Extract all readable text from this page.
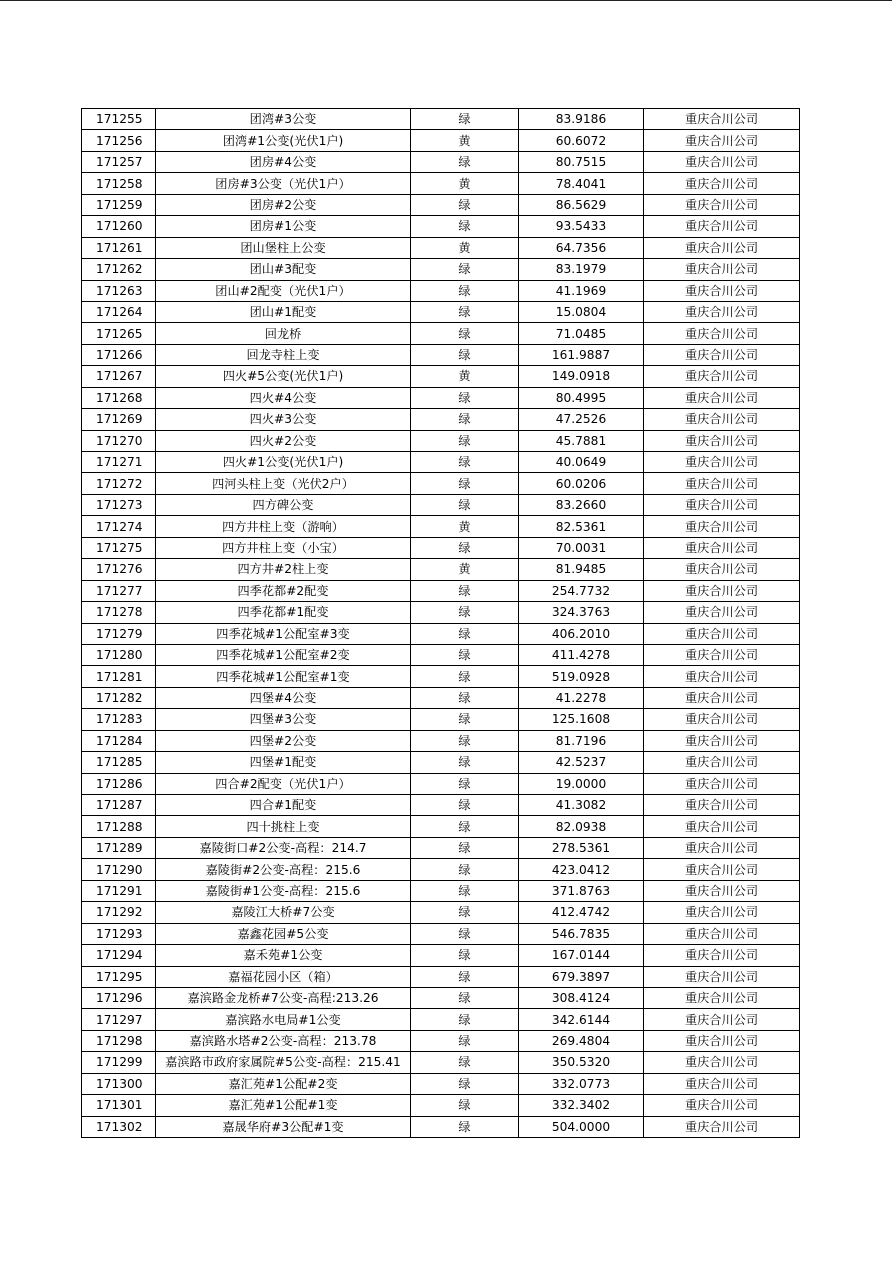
171255	团湾#3公变	绿	83.9186	重庆合川公司
171256	团湾#1公变(光伏1户)	黄	60.6072	重庆合川公司
171257	团房#4公变	绿	80.7515	重庆合川公司
171258	团房#3公变（光伏1户）	黄	78.4041	重庆合川公司
171259	团房#2公变	绿	86.5629	重庆合川公司
171260	团房#1公变	绿	93.5433	重庆合川公司
171261	团山堡柱上公变	黄	64.7356	重庆合川公司
171262	团山#3配变	绿	83.1979	重庆合川公司
171263	团山#2配变（光伏1户）	绿	41.1969	重庆合川公司
171264	团山#1配变	绿	15.0804	重庆合川公司
171265	回龙桥	绿	71.0485	重庆合川公司
171266	回龙寺柱上变	绿	161.9887	重庆合川公司
171267	四火#5公变(光伏1户)	黄	149.0918	重庆合川公司
171268	四火#4公变	绿	80.4995	重庆合川公司
171269	四火#3公变	绿	47.2526	重庆合川公司
171270	四火#2公变	绿	45.7881	重庆合川公司
171271	四火#1公变(光伏1户)	绿	40.0649	重庆合川公司
171272	四河头柱上变（光伏2户）	绿	60.0206	重庆合川公司
171273	四方碑公变	绿	83.2660	重庆合川公司
171274	四方井柱上变（游响）	黄	82.5361	重庆合川公司
171275	四方井柱上变（小宝）	绿	70.0031	重庆合川公司
171276	四方井#2柱上变	黄	81.9485	重庆合川公司
171277	四季花都#2配变	绿	254.7732	重庆合川公司
171278	四季花都#1配变	绿	324.3763	重庆合川公司
171279	四季花城#1公配室#3变	绿	406.2010	重庆合川公司
171280	四季花城#1公配室#2变	绿	411.4278	重庆合川公司
171281	四季花城#1公配室#1变	绿	519.0928	重庆合川公司
171282	四堡#4公变	绿	41.2278	重庆合川公司
171283	四堡#3公变	绿	125.1608	重庆合川公司
171284	四堡#2公变	绿	81.7196	重庆合川公司
171285	四堡#1配变	绿	42.5237	重庆合川公司
171286	四合#2配变（光伏1户）	绿	19.0000	重庆合川公司
171287	四合#1配变	绿	41.3082	重庆合川公司
171288	四十挑柱上变	绿	82.0938	重庆合川公司
171289	嘉陵街口#2公变-高程：214.7	绿	278.5361	重庆合川公司
171290	嘉陵街#2公变-高程：215.6	绿	423.0412	重庆合川公司
171291	嘉陵街#1公变-高程：215.6	绿	371.8763	重庆合川公司
171292	嘉陵江大桥#7公变	绿	412.4742	重庆合川公司
171293	嘉鑫花园#5公变	绿	546.7835	重庆合川公司
171294	嘉禾苑#1公变	绿	167.0144	重庆合川公司
171295	嘉福花园小区（箱）	绿	679.3897	重庆合川公司
171296	嘉滨路金龙桥#7公变-高程:213.26	绿	308.4124	重庆合川公司
171297	嘉滨路水电局#1公变	绿	342.6144	重庆合川公司
171298	嘉滨路水塔#2公变-高程：213.78	绿	269.4804	重庆合川公司
171299	嘉滨路市政府家属院#5公变-高程：215.41	绿	350.5320	重庆合川公司
171300	嘉汇苑#1公配#2变	绿	332.0773	重庆合川公司
171301	嘉汇苑#1公配#1变	绿	332.3402	重庆合川公司
171302	嘉晟华府#3公配#1变	绿	504.0000	重庆合川公司
